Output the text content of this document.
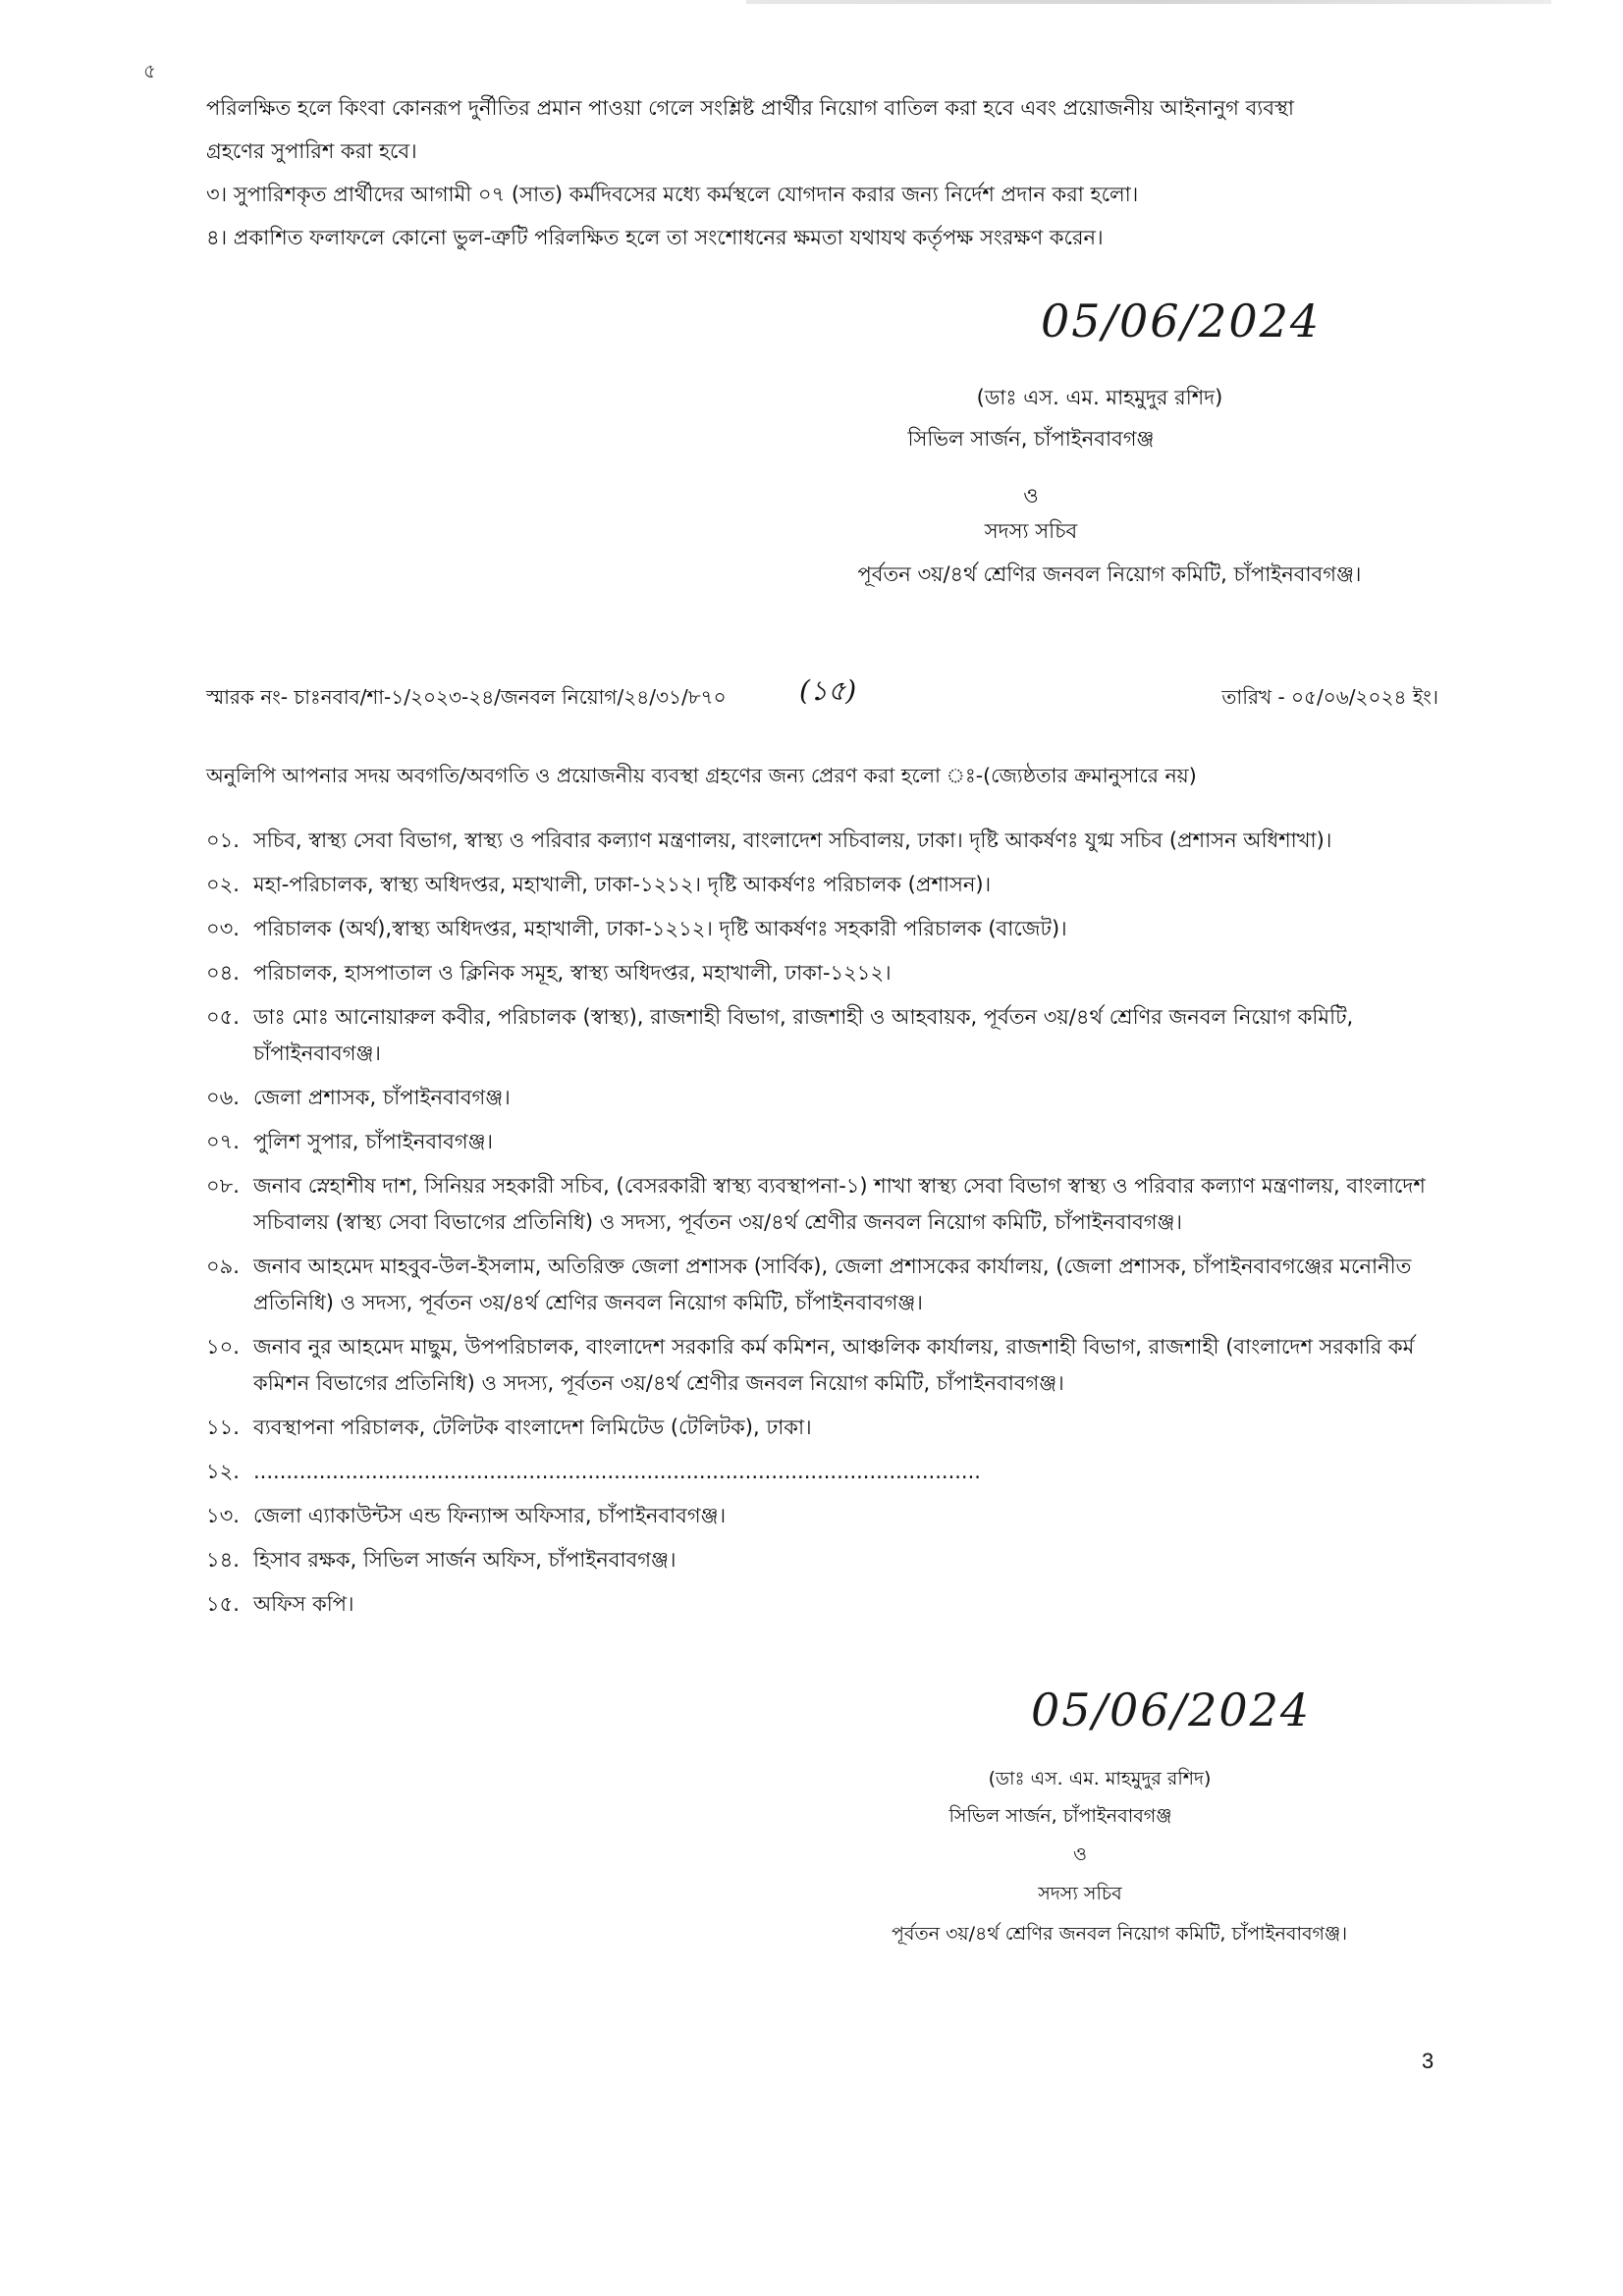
৫
পরিলক্ষিত হলে কিংবা কোনরূপ দুর্নীতির প্রমান পাওয়া গেলে সংশ্লিষ্ট প্রার্থীর নিয়োগ বাতিল করা হবে এবং প্রয়োজনীয় আইনানুগ ব্যবস্থা
গ্রহণের সুপারিশ করা হবে।
৩। সুপারিশকৃত প্রার্থীদের আগামী ০৭ (সাত) কর্মদিবসের মধ্যে কর্মস্থলে যোগদান করার জন্য নির্দেশ প্রদান করা হলো।
৪। প্রকাশিত ফলাফলে কোনো ভুল-ত্রুটি পরিলক্ষিত হলে তা সংশোধনের ক্ষমতা যথাযথ কর্তৃপক্ষ সংরক্ষণ করেন।
05/06/2024
(ডাঃ এস. এম. মাহমুদুর রশিদ)
সিভিল সার্জন, চাঁপাইনবাবগঞ্জ
ও
সদস্য সচিব
পূর্বতন ৩য়/৪র্থ শ্রেণির জনবল নিয়োগ কমিটি, চাঁপাইনবাবগঞ্জ।
স্মারক নং- চাঃনবাব/শা-১/২০২৩-২৪/জনবল নিয়োগ/২৪/৩১/৮৭০	(১৫)	তারিখ - ০৫/০৬/২০২৪ ইং।
অনুলিপি আপনার সদয় অবগতি/অবগতি ও প্রয়োজনীয় ব্যবস্থা গ্রহণের জন্য প্রেরণ করা হলো ঃ-(জ্যেষ্ঠতার ক্রমানুসারে নয়)
০১. সচিব, স্বাস্থ্য সেবা বিভাগ, স্বাস্থ্য ও পরিবার কল্যাণ মন্ত্রণালয়, বাংলাদেশ সচিবালয়, ঢাকা। দৃষ্টি আকর্ষণঃ যুগ্ম সচিব (প্রশাসন অধিশাখা)।
০২. মহা-পরিচালক, স্বাস্থ্য অধিদপ্তর, মহাখালী, ঢাকা-১২১২। দৃষ্টি আকর্ষণঃ পরিচালক (প্রশাসন)।
০৩. পরিচালক (অর্থ),স্বাস্থ্য অধিদপ্তর, মহাখালী, ঢাকা-১২১২। দৃষ্টি আকর্ষণঃ সহকারী পরিচালক (বাজেট)।
০৪. পরিচালক, হাসপাতাল ও ক্লিনিক সমূহ, স্বাস্থ্য অধিদপ্তর, মহাখালী, ঢাকা-১২১২।
০৫. ডাঃ মোঃ আনোয়ারুল কবীর, পরিচালক (স্বাস্থ্য), রাজশাহী বিভাগ, রাজশাহী ও আহবায়ক, পূর্বতন ৩য়/৪র্থ শ্রেণির জনবল নিয়োগ কমিটি, চাঁপাইনবাবগঞ্জ।
০৬. জেলা প্রশাসক, চাঁপাইনবাবগঞ্জ।
০৭. পুলিশ সুপার, চাঁপাইনবাবগঞ্জ।
০৮. জনাব স্নেহাশীষ দাশ, সিনিয়র সহকারী সচিব, (বেসরকারী স্বাস্থ্য ব্যবস্থাপনা-১) শাখা স্বাস্থ্য সেবা বিভাগ স্বাস্থ্য ও পরিবার কল্যাণ মন্ত্রণালয়, বাংলাদেশ সচিবালয় (স্বাস্থ্য সেবা বিভাগের প্রতিনিধি) ও সদস্য, পূর্বতন ৩য়/৪র্থ শ্রেণীর জনবল নিয়োগ কমিটি, চাঁপাইনবাবগঞ্জ।
০৯. জনাব আহমেদ মাহবুব-উল-ইসলাম, অতিরিক্ত জেলা প্রশাসক (সার্বিক), জেলা প্রশাসকের কার্যালয়, (জেলা প্রশাসক, চাঁপাইনবাবগঞ্জের মনোনীত প্রতিনিধি) ও সদস্য, পূর্বতন ৩য়/৪র্থ শ্রেণির জনবল নিয়োগ কমিটি, চাঁপাইনবাবগঞ্জ।
১০. জনাব নুর আহমেদ মাছুম, উপপরিচালক, বাংলাদেশ সরকারি কর্ম কমিশন, আঞ্চলিক কার্যালয়, রাজশাহী বিভাগ, রাজশাহী (বাংলাদেশ সরকারি কর্ম কমিশন বিভাগের প্রতিনিধি) ও সদস্য, পূর্বতন ৩য়/৪র্থ শ্রেণীর জনবল নিয়োগ কমিটি, চাঁপাইনবাবগঞ্জ।
১১. ব্যবস্থাপনা পরিচালক, টেলিটক বাংলাদেশ লিমিটেড (টেলিটক), ঢাকা।
১২. ...............................................................................................................
১৩. জেলা এ্যাকাউন্টস এন্ড ফিন্যান্স অফিসার, চাঁপাইনবাবগঞ্জ।
১৪. হিসাব রক্ষক, সিভিল সার্জন অফিস, চাঁপাইনবাবগঞ্জ।
১৫. অফিস কপি।
05/06/2024
(ডাঃ এস. এম. মাহমুদুর রশিদ)
সিভিল সার্জন, চাঁপাইনবাবগঞ্জ
ও
সদস্য সচিব
পূর্বতন ৩য়/৪র্থ শ্রেণির জনবল নিয়োগ কমিটি, চাঁপাইনবাবগঞ্জ।
3
